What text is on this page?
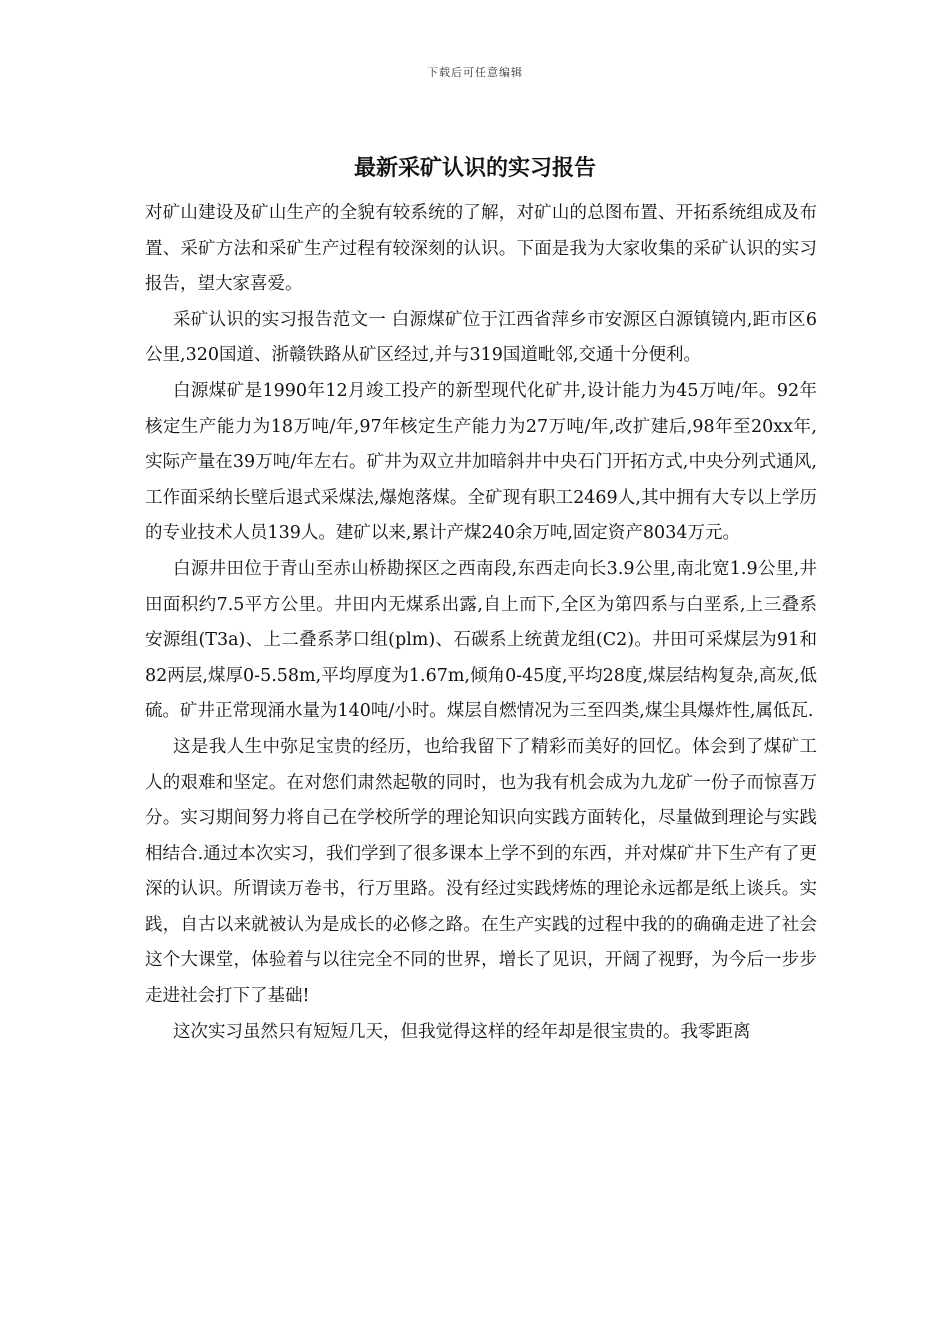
下载后可任意编辑
最新采矿认识的实习报告

对矿山建设及矿山生产的全貌有较系统的了解，对矿山的总图布置、开拓系统组成及布置、采矿方法和采矿生产过程有较深刻的认识。下面是我为大家收集的采矿认识的实习报告，望大家喜爱。

采矿认识的实习报告范文一 白源煤矿位于江西省萍乡市安源区白源镇镜内,距市区6公里,320国道、浙赣铁路从矿区经过,并与319国道毗邻,交通十分便利。

白源煤矿是1990年12月竣工投产的新型现代化矿井,设计能力为45万吨/年。92年核定生产能力为18万吨/年,97年核定生产能力为27万吨/年,改扩建后,98年至20xx年,实际产量在39万吨/年左右。矿井为双立井加暗斜井中央石门开拓方式,中央分列式通风,工作面采纳长壁后退式采煤法,爆炮落煤。全矿现有职工2469人,其中拥有大专以上学历的专业技术人员139人。建矿以来,累计产煤240余万吨,固定资产8034万元。

白源井田位于青山至赤山桥勘探区之西南段,东西走向长3.9公里,南北宽1.9公里,井田面积约7.5平方公里。井田内无煤系出露,自上而下,全区为第四系与白垩系,上三叠系安源组(T3a)、上二叠系茅口组(plm)、石碳系上统黄龙组(C2)。井田可采煤层为91和82两层,煤厚0-5.58m,平均厚度为1.67m,倾角0-45度,平均28度,煤层结构复杂,高灰,低硫。矿井正常现涌水量为140吨/小时。煤层自燃情况为三至四类,煤尘具爆炸性,属低瓦.

这是我人生中弥足宝贵的经历，也给我留下了精彩而美好的回忆。体会到了煤矿工人的艰难和坚定。在对您们肃然起敬的同时，也为我有机会成为九龙矿一份子而惊喜万分。实习期间努力将自己在学校所学的理论知识向实践方面转化，尽量做到理论与实践相结合.通过本次实习，我们学到了很多课本上学不到的东西，并对煤矿井下生产有了更深的认识。所谓读万卷书，行万里路。没有经过实践烤炼的理论永远都是纸上谈兵。实践，自古以来就被认为是成长的必修之路。在生产实践的过程中我的的确确走进了社会这个大课堂，体验着与以往完全不同的世界，增长了见识，开阔了视野，为今后一步步走进社会打下了基础!

这次实习虽然只有短短几天，但我觉得这样的经年却是很宝贵的。我零距离
